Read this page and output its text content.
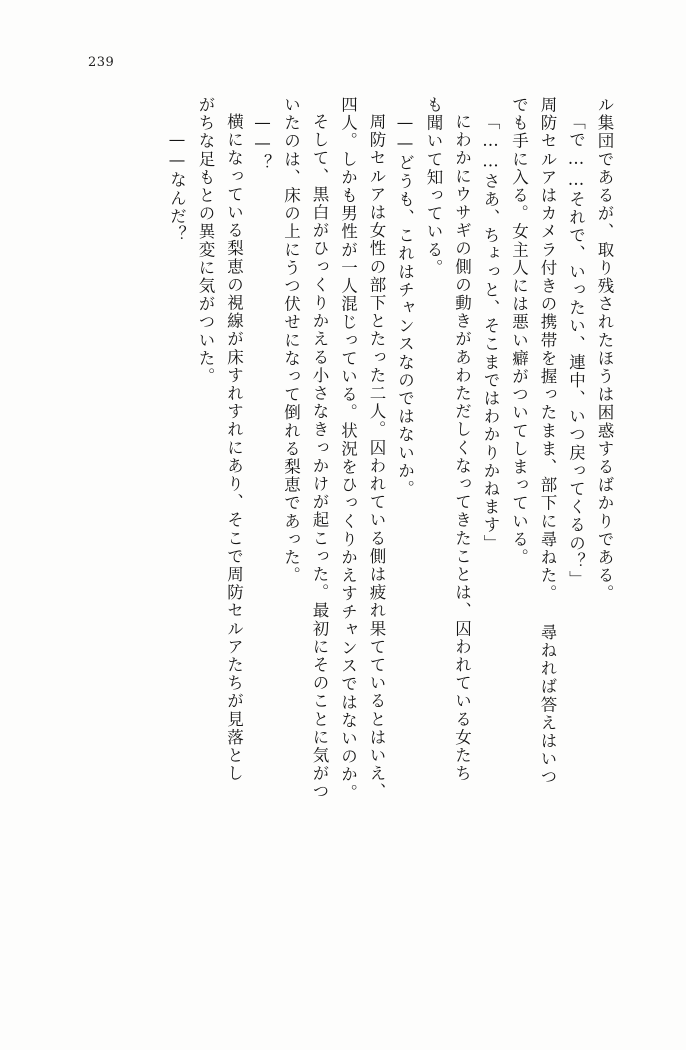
239
ル集団であるが、取り残されたほうは困惑するばかりである。
「で……それで、いったい、連中、いつ戻ってくるの？」
周防セルアはカメラ付きの携帯を握ったまま、部下に尋ねた。 尋ねれば答えはいつ
でも手に入る。女主人には悪い癖がついてしまっている。
「……さあ、ちょっと、そこまではわかりかねます」
にわかにウサギの側の動きがあわただしくなってきたことは、囚われている女たち
も聞いて知っている。
——どうも、これはチャンスなのではないか。
周防セルアは女性の部下とたった二人。囚われている側は疲れ果てているとはいえ、
四人。しかも男性が一人混じっている。状況をひっくりかえすチャンスではないのか。
そして、黒白がひっくりかえる小さなきっかけが起こった。最初にそのことに気がつ
いたのは、床の上にうつ伏せになって倒れる梨恵であった。
——？
横になっている梨恵の視線が床すれすれにあり、そこで周防セルアたちが見落とし
がちな足もとの異変に気がついた。
——なんだ？
